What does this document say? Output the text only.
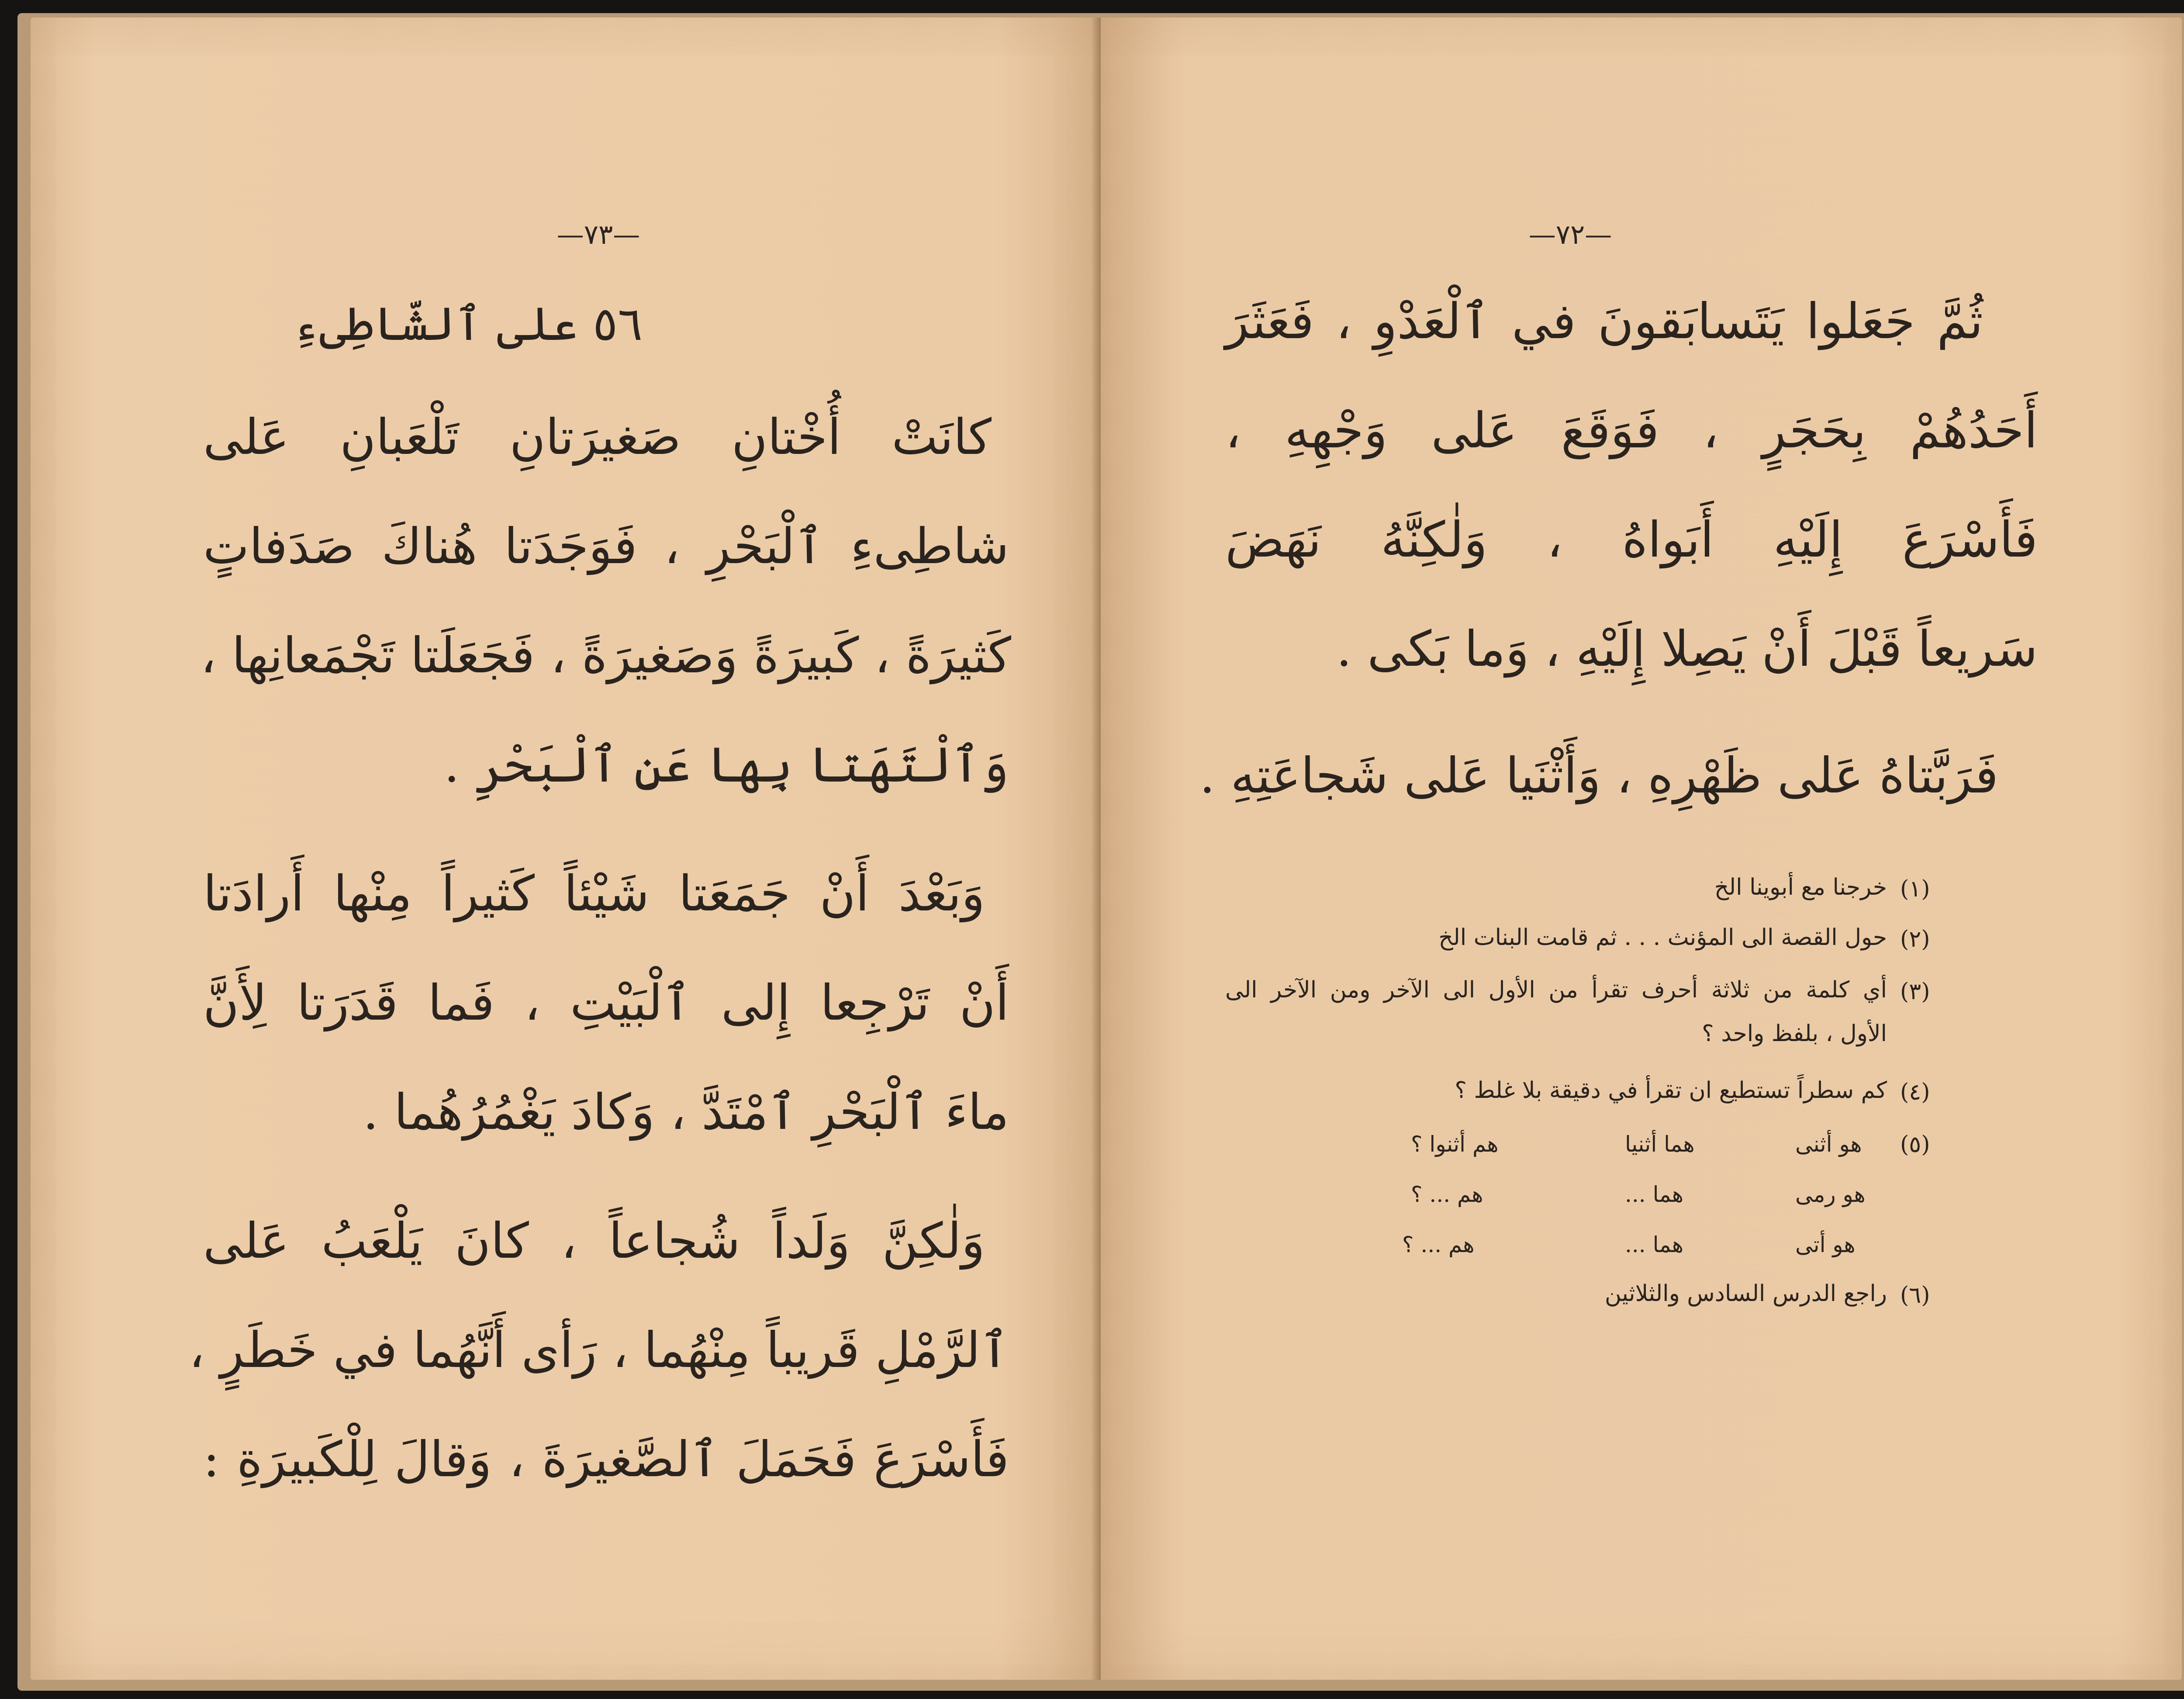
—٧٣—
٥٦ على ٱلشّاطِىءِ
كانَتْ أُخْتانِ صَغيرَتانِ تَلْعَبانِ عَلى
شاطِىءِ ٱلْبَحْرِ ، فَوَجَدَتا هُناكَ صَدَفاتٍ
كَثيرَةً ، كَبيرَةً وَصَغيرَةً ، فَجَعَلَتا تَجْمَعانِها ،
وَٱلْتَهَتا بِها عَنِ ٱلْبَحْرِ .
وَبَعْدَ أَنْ جَمَعَتا شَيْئاً كَثيراً مِنْها أَرادَتا
أَنْ تَرْجِعا إِلى ٱلْبَيْتِ ، فَما قَدَرَتا لِأَنَّ
ماءَ ٱلْبَحْرِ ٱمْتَدَّ ، وَكادَ يَغْمُرُهُما .
وَلٰكِنَّ وَلَداً شُجاعاً ، كانَ يَلْعَبُ عَلى
ٱلرَّمْلِ قَريباً مِنْهُما ، رَأى أَنَّهُما في خَطَرٍ ،
فَأَسْرَعَ فَحَمَلَ ٱلصَّغيرَةَ ، وَقالَ لِلْكَبيرَةِ :
—٧٢—
ثُمَّ جَعَلوا يَتَسابَقونَ في ٱلْعَدْوِ ، فَعَثَرَ
أَحَدُهُمْ بِحَجَرٍ ، فَوَقَعَ عَلى وَجْهِهِ ،
فَأَسْرَعَ إِلَيْهِ أَبَواهُ ، وَلٰكِنَّهُ نَهَضَ
سَريعاً قَبْلَ أَنْ يَصِلا إِلَيْهِ ، وَما بَكى .
فَرَبَّتاهُ عَلى ظَهْرِهِ ، وَأَثْنَيا عَلى شَجاعَتِهِ .
(١)
خرجنا مع أبوينا الخ
(٢)
حول القصة الى المؤنث . . . ثم قامت البنات الخ
(٣)
أي كلمة من ثلاثة أحرف تقرأ من الأول الى الآخر ومن الآخر الى
الأول ، بلفظ واحد ؟
(٤)
كم سطراً تستطيع ان تقرأ في دقيقة بلا غلط ؟
(٥)
هو أثنى
هما أثنيا
هم أثنوا ؟
هو رمى
هما ...
هم ... ؟
هو أتى
هما ...
هم ... ؟
(٦)
راجع الدرس السادس والثلاثين
